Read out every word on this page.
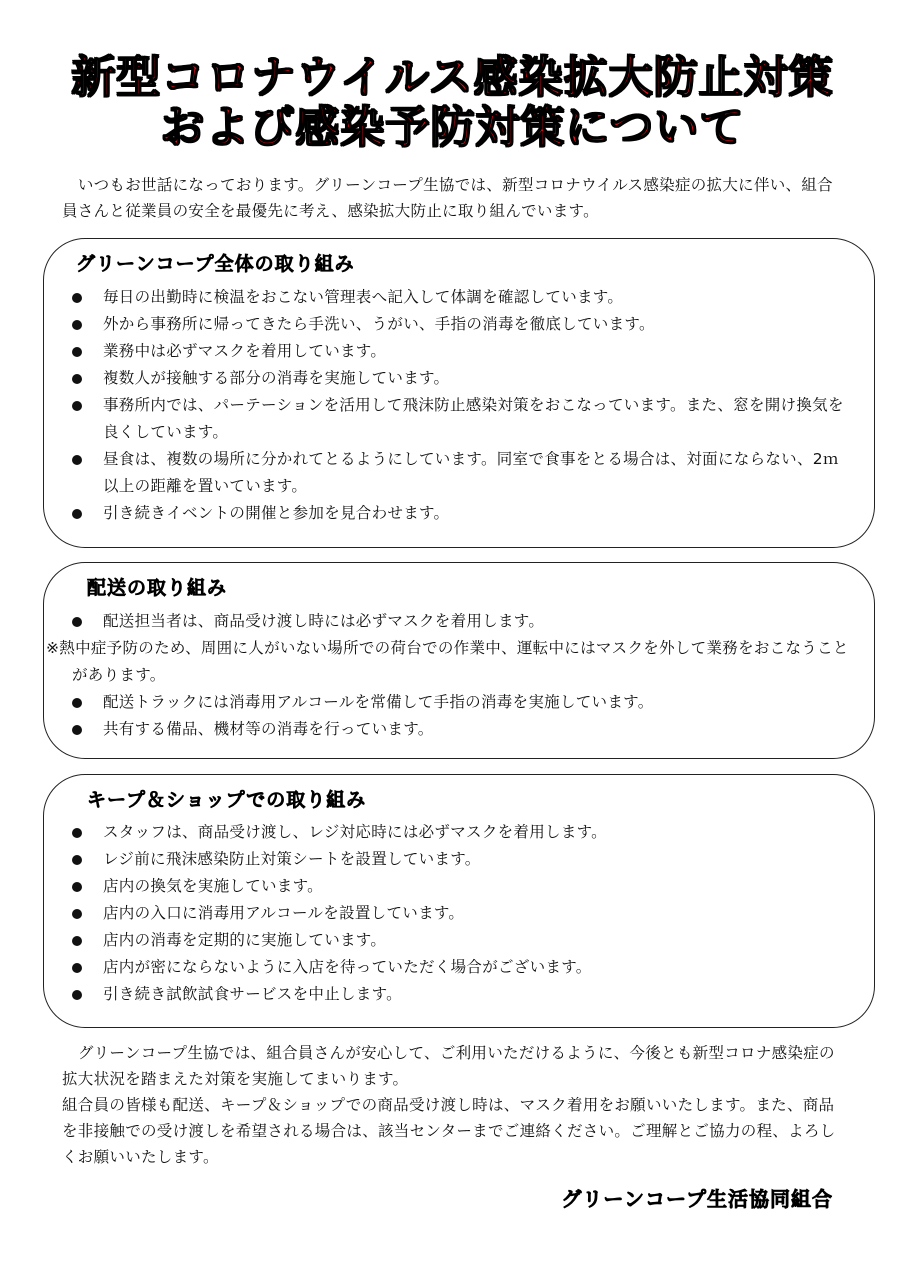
新型コロナウイルス感染拡大防止対策
および感染予防対策について
いつもお世話になっております。グリーンコープ生協では、新型コロナウイルス感染症の拡大に伴い、組合員さんと従業員の安全を最優先に考え、感染拡大防止に取り組んでいます。
グリーンコープ全体の取り組み
毎日の出勤時に検温をおこない管理表へ記入して体調を確認しています。
外から事務所に帰ってきたら手洗い、うがい、手指の消毒を徹底しています。
業務中は必ずマスクを着用しています。
複数人が接触する部分の消毒を実施しています。
事務所内では、パーテーションを活用して飛沫防止感染対策をおこなっています。また、窓を開け換気を良くしています。
昼食は、複数の場所に分かれてとるようにしています。同室で食事をとる場合は、対面にならない、2ｍ以上の距離を置いています。
引き続きイベントの開催と参加を見合わせます。
配送の取り組み
配送担当者は、商品受け渡し時には必ずマスクを着用します。
※熱中症予防のため、周囲に人がいない場所での荷台での作業中、運転中にはマスクを外して業務をおこなうことがあります。
配送トラックには消毒用アルコールを常備して手指の消毒を実施しています。
共有する備品、機材等の消毒を行っています。
キープ＆ショップでの取り組み
スタッフは、商品受け渡し、レジ対応時には必ずマスクを着用します。
レジ前に飛沫感染防止対策シートを設置しています。
店内の換気を実施しています。
店内の入口に消毒用アルコールを設置しています。
店内の消毒を定期的に実施しています。
店内が密にならないように入店を待っていただく場合がございます。
引き続き試飲試食サービスを中止します。
グリーンコープ生協では、組合員さんが安心して、ご利用いただけるように、今後とも新型コロナ感染症の拡大状況を踏まえた対策を実施してまいります。
組合員の皆様も配送、キープ＆ショップでの商品受け渡し時は、マスク着用をお願いいたします。また、商品を非接触での受け渡しを希望される場合は、該当センターまでご連絡ください。ご理解とご協力の程、よろしくお願いいたします。
グリーンコープ生活協同組合
